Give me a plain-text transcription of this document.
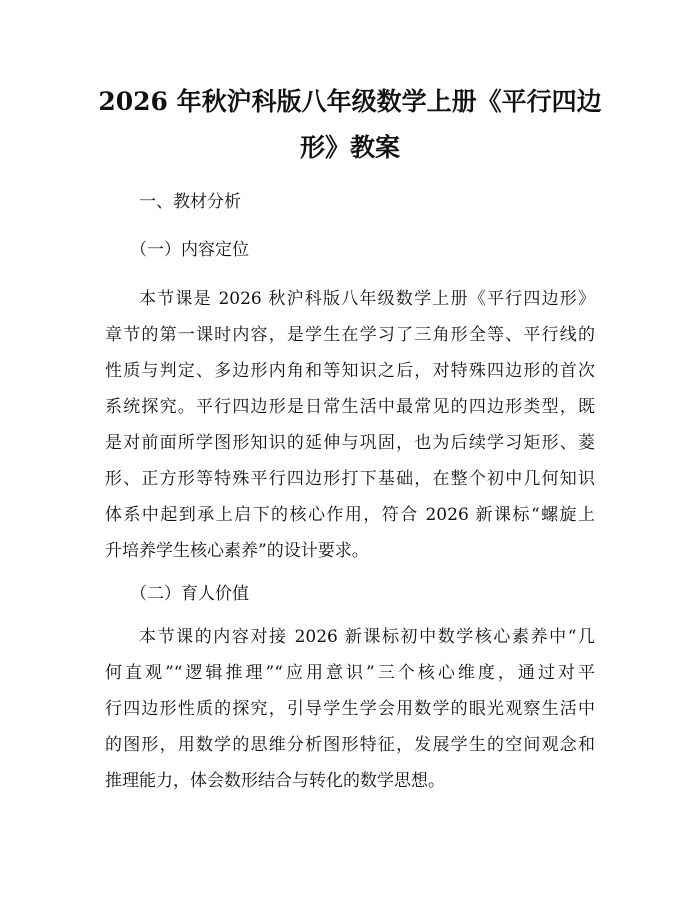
2026 年秋沪科版八年级数学上册《平行四边
形》教案

一、教材分析

（一）内容定位

本节课是 2026 秋沪科版八年级数学上册《平行四边形》
章节的第一课时内容，是学生在学习了三角形全等、平行线的
性质与判定、多边形内角和等知识之后，对特殊四边形的首次
系统探究。平行四边形是日常生活中最常见的四边形类型，既
是对前面所学图形知识的延伸与巩固，也为后续学习矩形、菱
形、正方形等特殊平行四边形打下基础，在整个初中几何知识
体系中起到承上启下的核心作用，符合 2026 新课标“螺旋上
升培养学生核心素养”的设计要求。

（二）育人价值

本节课的内容对接 2026 新课标初中数学核心素养中“几
何直观”“逻辑推理”“应用意识”三个核心维度，通过对平
行四边形性质的探究，引导学生学会用数学的眼光观察生活中
的图形，用数学的思维分析图形特征，发展学生的空间观念和
推理能力，体会数形结合与转化的数学思想。
